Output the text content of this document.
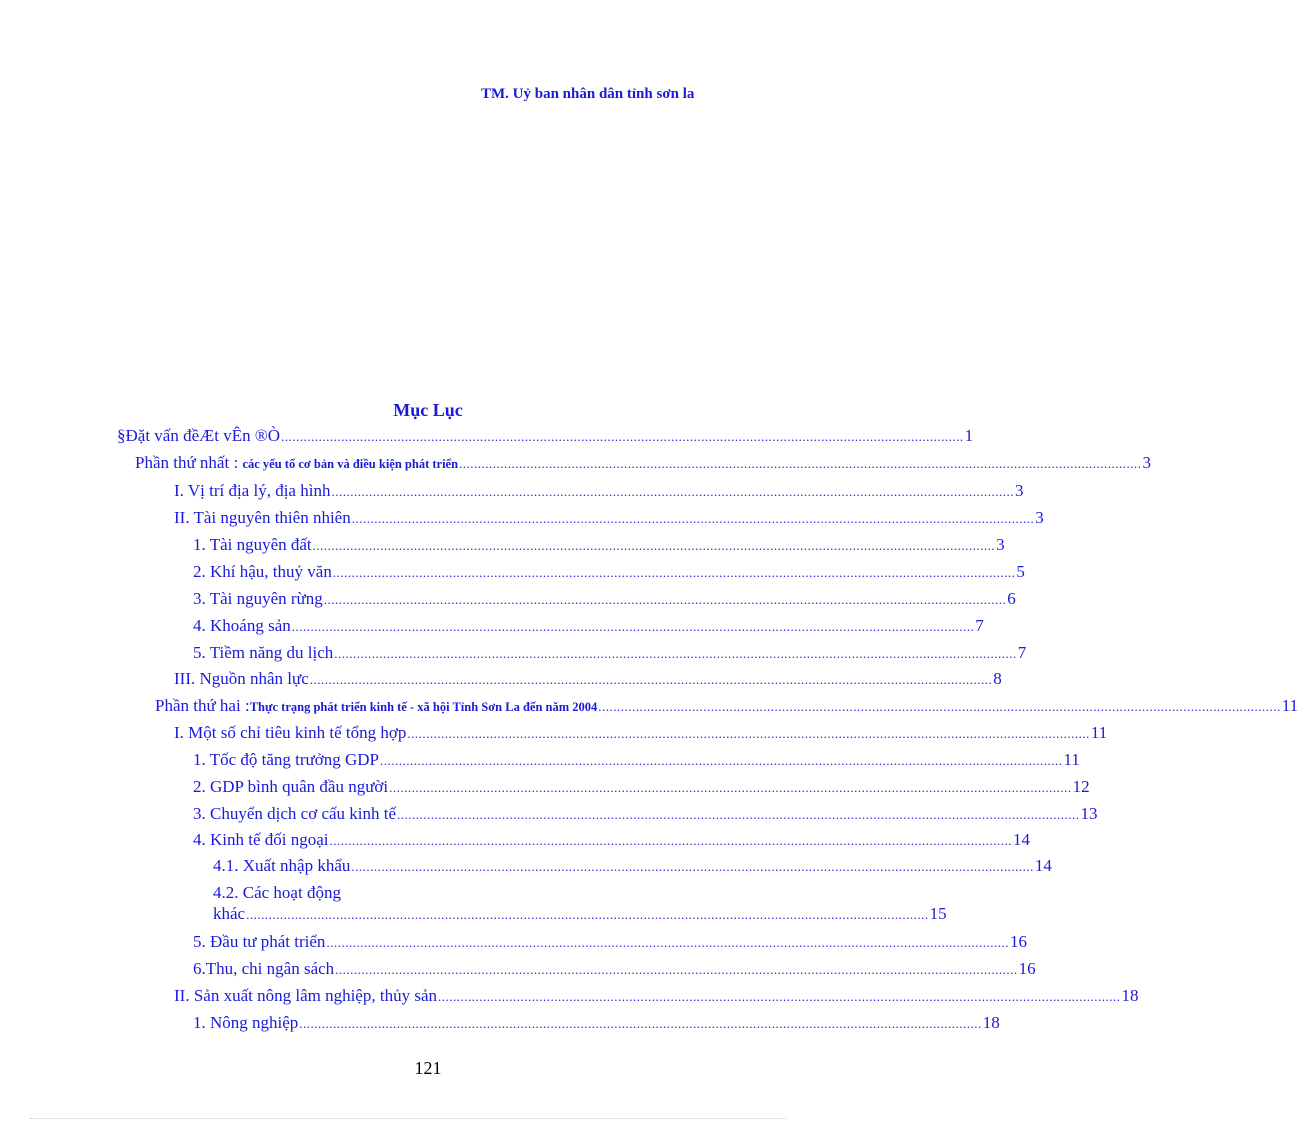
TM. Uỷ ban nhân dân tỉnh sơn la
Mục Lục
§Đặt vấn đềÆt vÊn ®Ò ...................................................................................................................................................................................... 1
Phần thứ nhất : các yếu tố cơ bản và điều kiện phát triển ...................................................................................................................................................................................... 3
I. Vị trí địa lý, địa hình ...................................................................................................................................................................................... 3
II. Tài nguyên thiên nhiên ...................................................................................................................................................................................... 3
1. Tài nguyên đất ...................................................................................................................................................................................... 3
2. Khí hậu, thuỷ văn ...................................................................................................................................................................................... 5
3. Tài nguyên rừng ...................................................................................................................................................................................... 6
4. Khoáng sản ...................................................................................................................................................................................... 7
5. Tiềm năng du lịch ...................................................................................................................................................................................... 7
III. Nguồn nhân lực ...................................................................................................................................................................................... 8
Phần thứ hai :Thực trạng phát triển kinh tế - xã hội Tỉnh Sơn La đến năm 2004 ...................................................................................................................................................................................... 11
I. Một số chỉ tiêu kinh tế tổng hợp ...................................................................................................................................................................................... 11
1. Tốc độ tăng trưởng GDP ...................................................................................................................................................................................... 11
2. GDP bình quân đầu người ...................................................................................................................................................................................... 12
3. Chuyển dịch cơ cấu kinh tế ...................................................................................................................................................................................... 13
4. Kinh tế đối ngoại ...................................................................................................................................................................................... 14
4.1. Xuất nhập khẩu ...................................................................................................................................................................................... 14
4.2. Các hoạt động
khác ...................................................................................................................................................................................... 15
5. Đầu tư phát triển ...................................................................................................................................................................................... 16
6.Thu, chi ngân sách ...................................................................................................................................................................................... 16
II. Sản xuất nông lâm nghiệp, thủy sản ...................................................................................................................................................................................... 18
1. Nông nghiệp ...................................................................................................................................................................................... 18
121
